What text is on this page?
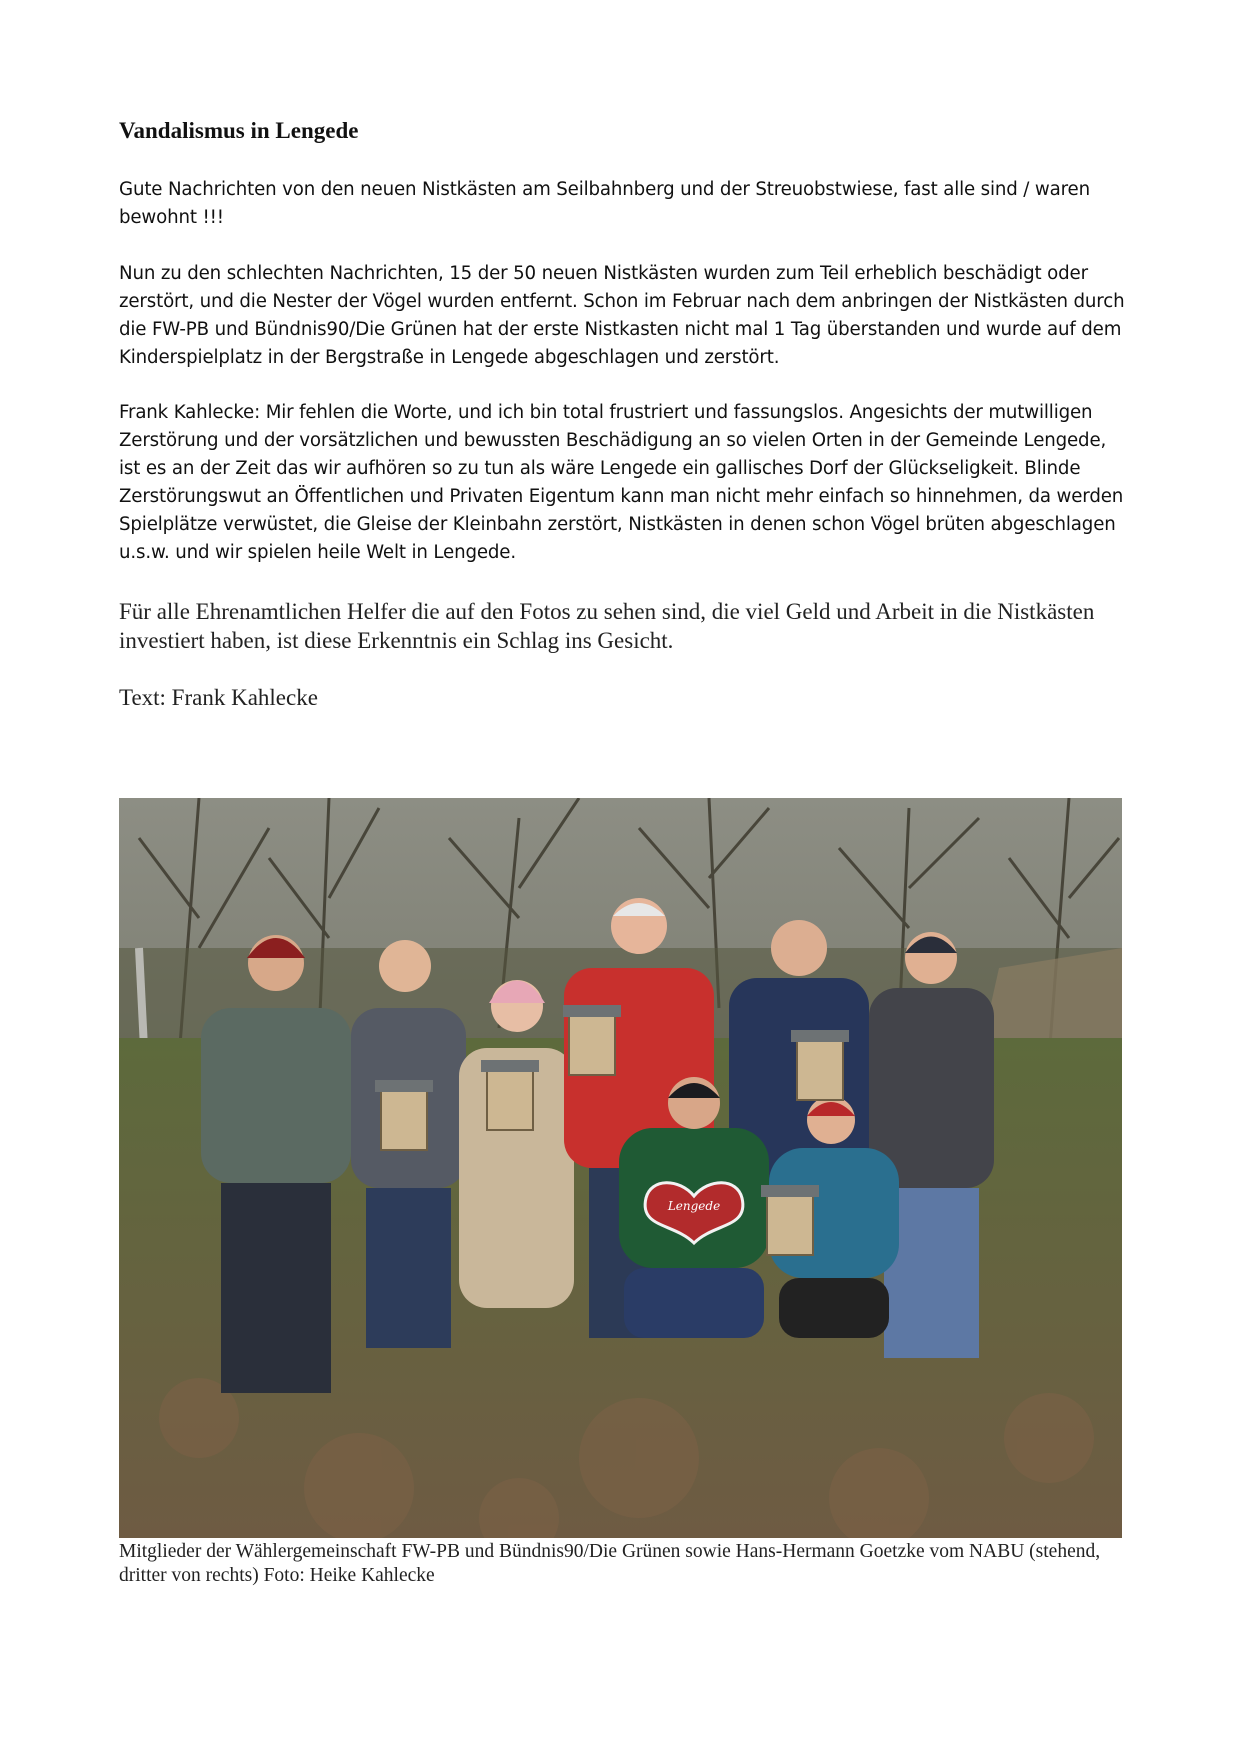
Vandalismus in Lengede

Gute Nachrichten von den neuen Nistkästen am Seilbahnberg und der Streuobstwiese, fast alle sind / waren bewohnt !!!

Nun zu den schlechten Nachrichten, 15 der 50 neuen Nistkästen wurden zum Teil erheblich beschädigt oder zerstört, und die Nester der Vögel wurden entfernt. Schon im Februar nach dem anbringen der Nistkästen durch die FW-PB und Bündnis90/Die Grünen hat der erste Nistkasten nicht mal 1 Tag überstanden und wurde auf dem Kinderspielplatz in der Bergstraße in Lengede abgeschlagen und zerstört.

Frank Kahlecke: Mir fehlen die Worte, und ich bin total frustriert und fassungslos. Angesichts der mutwilligen Zerstörung und der vorsätzlichen und bewussten Beschädigung an so vielen Orten in der Gemeinde Lengede, ist es an der Zeit das wir aufhören so zu tun als wäre Lengede ein gallisches Dorf der Glückseligkeit. Blinde Zerstörungswut an Öffentlichen und Privaten Eigentum kann man nicht mehr einfach so hinnehmen, da werden Spielplätze verwüstet, die Gleise der Kleinbahn zerstört, Nistkästen in denen schon Vögel brüten abgeschlagen u.s.w. und wir spielen heile Welt in Lengede.

Für alle Ehrenamtlichen Helfer die auf den Fotos zu sehen sind, die viel Geld und Arbeit in die Nistkästen investiert haben, ist diese Erkenntnis ein Schlag ins Gesicht.

Text: Frank Kahlecke

Lengede

Mitglieder der Wählergemeinschaft FW-PB und Bündnis90/Die Grünen sowie Hans-Hermann Goetzke vom NABU (stehend, dritter von rechts) Foto: Heike Kahlecke
